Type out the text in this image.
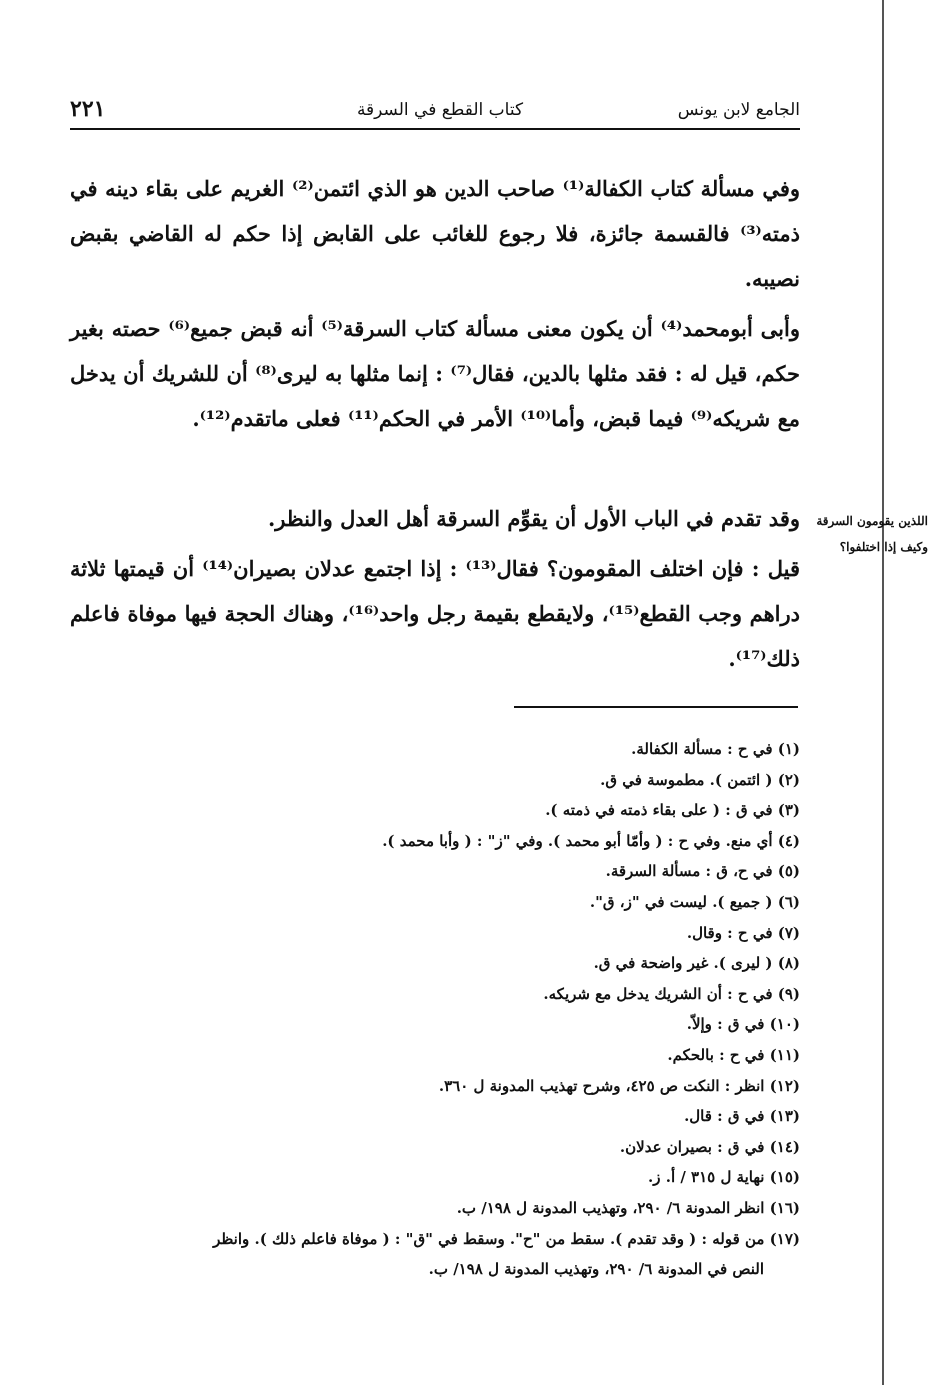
الجامع لابن يونس
كتاب القطع في السرقة
٢٢١
وفي مسألة كتاب الكفالة⁽¹⁾ صاحب الدين هو الذي ائتمن⁽²⁾ الغريم على بقاء دينه في ذمته⁽³⁾ فالقسمة جائزة، فلا رجوع للغائب على القابض إذا حكم له القاضي بقبض نصيبه.
وأبى أبومحمد⁽⁴⁾ أن يكون معنى مسألة كتاب السرقة⁽⁵⁾ أنه قبض جميع⁽⁶⁾ حصته بغير حكم، قيل له : فقد مثلها بالدين، فقال⁽⁷⁾ : إنما مثلها به ليرى⁽⁸⁾ أن للشريك أن يدخل مع شريكه⁽⁹⁾ فيما قبض، وأما⁽¹⁰⁾ الأمر في الحكم⁽¹¹⁾ فعلى ماتقدم⁽¹²⁾.
وقد تقدم في الباب الأول أن يقوِّم السرقة أهل العدل والنظر.
قيل : فإن اختلف المقومون؟ فقال⁽¹³⁾ : إذا اجتمع عدلان بصيران⁽¹⁴⁾ أن قيمتها ثلاثة دراهم وجب القطع⁽¹⁵⁾، ولايقطع بقيمة رجل واحد⁽¹⁶⁾، وهناك الحجة فيها موفاة فاعلم ذلك⁽¹⁷⁾.
اللذين يقومون السرقة
وكيف إذا اختلفوا؟
(١) في ح : مسألة الكفالة.
(٢) ( ائتمن ). مطموسة في ق.
(٣) في ق : ( على بقاء ذمته في ذمته ).
(٤) أي منع. وفي ح : ( وأمّا أبو محمد ). وفي "ز" : ( وأبا محمد ).
(٥) في ح، ق : مسألة السرقة.
(٦) ( جميع ). ليست في "ز، ق".
(٧) في ح : وقال.
(٨) ( ليرى ). غير واضحة في ق.
(٩) في ح : أن الشريك يدخل مع شريكه.
(١٠) في ق : وإلاّ.
(١١) في ح : بالحكم.
(١٢) انظر : النكت ص ٤٢٥، وشرح تهذيب المدونة ل ٣٦٠.
(١٣) في ق : قال.
(١٤) في ق : بصيران عدلان.
(١٥) نهاية ل ٣١٥ / أ. ز.
(١٦) انظر المدونة ٦/ ٢٩٠، وتهذيب المدونة ل ١٩٨/ ب.
(١٧) من قوله : ( وقد تقدم ). سقط من "ح". وسقط في "ق" : ( موفاة فاعلم ذلك ). وانظر
النص في المدونة ٦/ ٢٩٠، وتهذيب المدونة ل ١٩٨/ ب.
